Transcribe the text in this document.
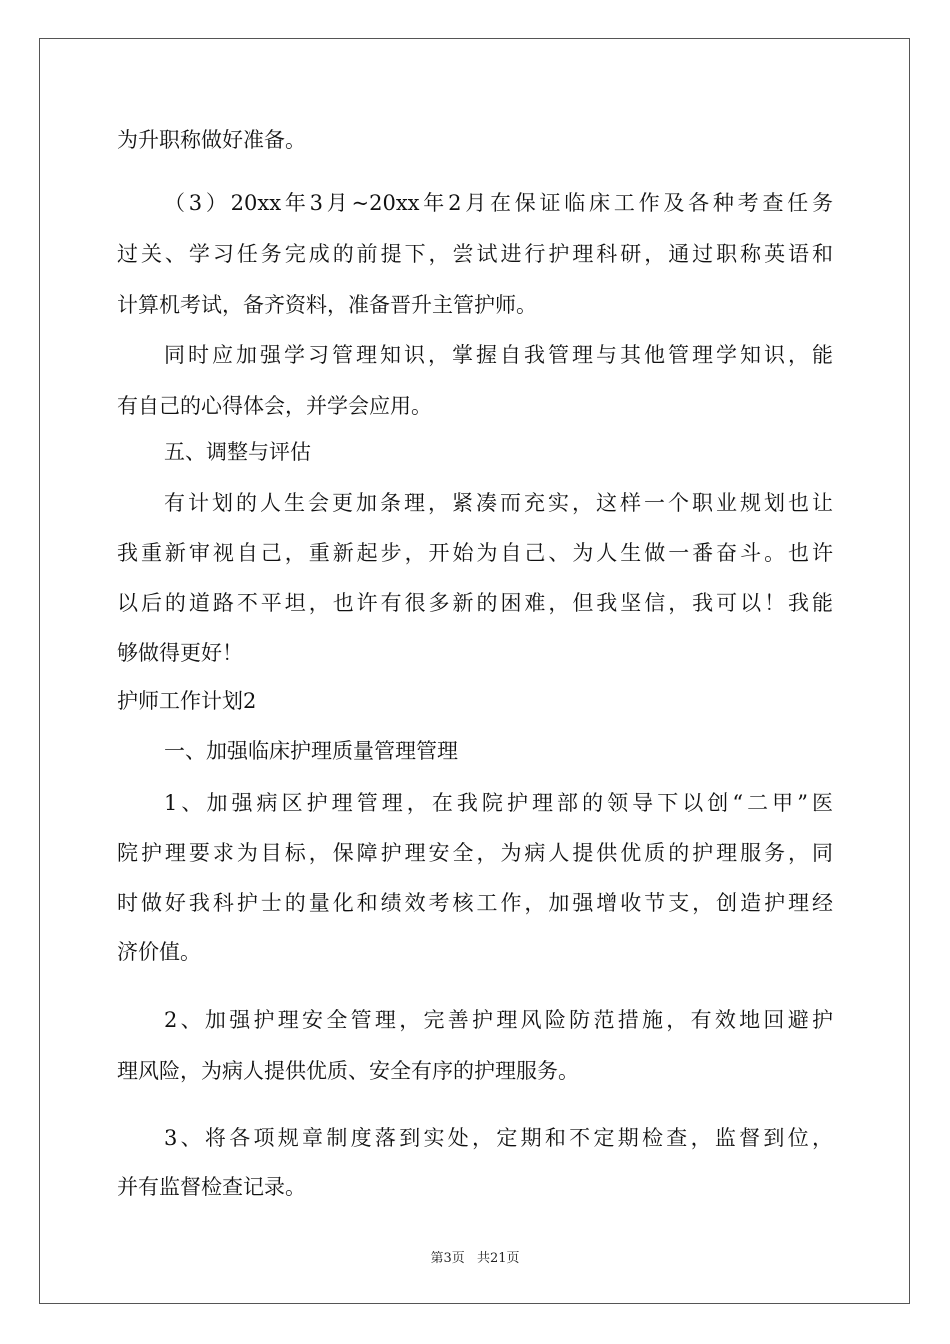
为升职称做好准备。
（3）20xx年3月~20xx年2月在保证临床工作及各种考查任务
过关、学习任务完成的前提下，尝试进行护理科研，通过职称英语和
计算机考试，备齐资料，准备晋升主管护师。
同时应加强学习管理知识，掌握自我管理与其他管理学知识，能
有自己的心得体会，并学会应用。
五、调整与评估
有计划的人生会更加条理，紧凑而充实，这样一个职业规划也让
我重新审视自己，重新起步，开始为自己、为人生做一番奋斗。也许
以后的道路不平坦，也许有很多新的困难，但我坚信，我可以！我能
够做得更好！
护师工作计划2
一、加强临床护理质量管理管理
1、加强病区护理管理，在我院护理部的领导下以创“二甲”医
院护理要求为目标，保障护理安全，为病人提供优质的护理服务，同
时做好我科护士的量化和绩效考核工作，加强增收节支，创造护理经
济价值。
2、加强护理安全管理，完善护理风险防范措施，有效地回避护
理风险，为病人提供优质、安全有序的护理服务。
3、将各项规章制度落到实处，定期和不定期检查，监督到位，
并有监督检查记录。
第3页 共21页
